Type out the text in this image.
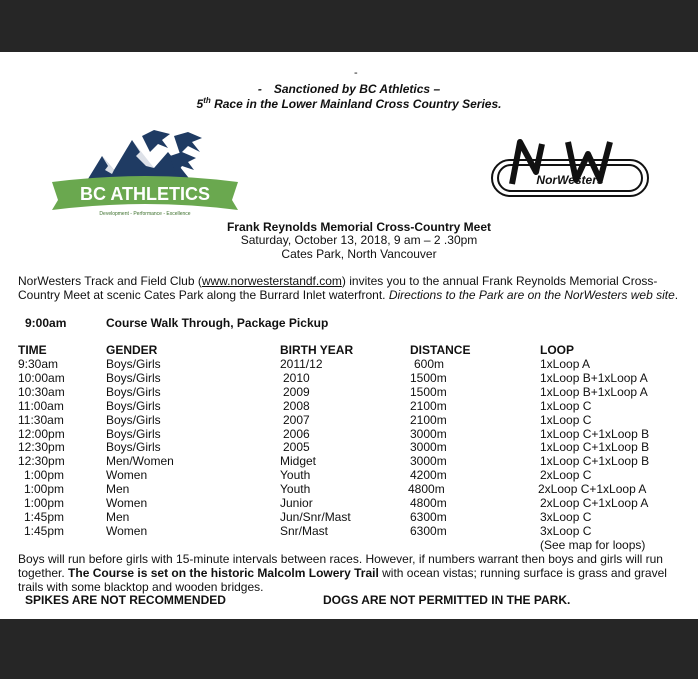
-
- Sanctioned by BC Athletics –
5th Race in the Lower Mainland Cross Country Series.
BC ATHLETICS
Development - Performance - Excellence
NorWesters
Frank Reynolds Memorial Cross-Country Meet
Saturday, October 13, 2018, 9 am – 2 .30pm
Cates Park, North Vancouver
NorWesters Track and Field Club (www.norwesterstandf.com) invites you to the annual Frank Reynolds Memorial Cross-Country Meet at scenic Cates Park along the Burrard Inlet waterfront. Directions to the Park are on the NorWesters web site.
9:00am	Course Walk Through, Package Pickup
TIME	GENDER	BIRTH YEAR	DISTANCE	LOOP
9:30am	Boys/Girls	2011/12	600m	1xLoop A
10:00am	Boys/Girls	2010	1500m	1xLoop B+1xLoop A
10:30am	Boys/Girls	2009	1500m	1xLoop B+1xLoop A
11:00am	Boys/Girls	2008	2100m	1xLoop C
11:30am	Boys/Girls	2007	2100m	1xLoop C
12:00pm	Boys/Girls	2006	3000m	1xLoop C+1xLoop B
12:30pm	Boys/Girls	2005	3000m	1xLoop C+1xLoop B
12:30pm	Men/Women	Midget	3000m	1xLoop C+1xLoop B
1:00pm	Women	Youth	4200m	2xLoop C
1:00pm	Men	Youth	4800m	2xLoop C+1xLoop A
1:00pm	Women	Junior	4800m	2xLoop C+1xLoop A
1:45pm	Men	Jun/Snr/Mast	6300m	3xLoop C
1:45pm	Women	Snr/Mast	6300m	3xLoop C
(See map for loops)
Boys will run before girls with 15-minute intervals between races. However, if numbers warrant then boys and girls will run together. The Course is set on the historic Malcolm Lowery Trail with ocean vistas; running surface is grass and gravel trails with some blacktop and wooden bridges.
SPIKES ARE NOT RECOMMENDED	DOGS ARE NOT PERMITTED IN THE PARK.
